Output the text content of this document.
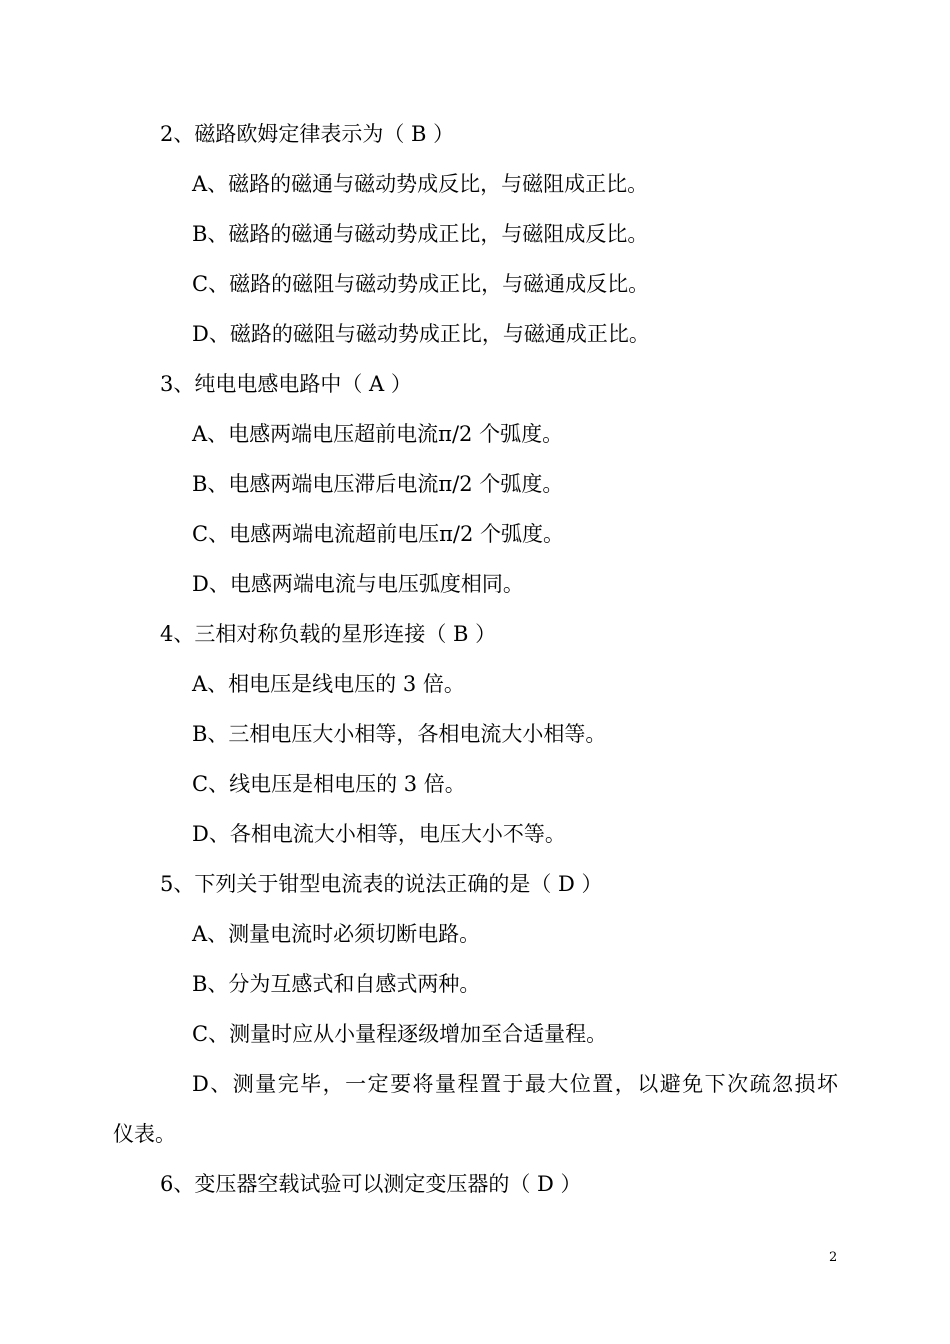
2、磁路欧姆定律表示为（ B ）
A、磁路的磁通与磁动势成反比，与磁阻成正比。
B、磁路的磁通与磁动势成正比，与磁阻成反比。
C、磁路的磁阻与磁动势成正比，与磁通成反比。
D、磁路的磁阻与磁动势成正比，与磁通成正比。
3、纯电电感电路中（ A ）
A、电感两端电压超前电流π/2 个弧度。
B、电感两端电压滞后电流π/2 个弧度。
C、电感两端电流超前电压π/2 个弧度。
D、电感两端电流与电压弧度相同。
4、三相对称负载的星形连接（ B ）
A、相电压是线电压的 3 倍。
B、三相电压大小相等，各相电流大小相等。
C、线电压是相电压的 3 倍。
D、各相电流大小相等，电压大小不等。
5、下列关于钳型电流表的说法正确的是（ D ）
A、测量电流时必须切断电路。
B、分为互感式和自感式两种。
C、测量时应从小量程逐级增加至合适量程。
D、测量完毕，一定要将量程置于最大位置，以避免下次疏忽损坏
仪表。
6、变压器空载试验可以测定变压器的（ D ）
2
